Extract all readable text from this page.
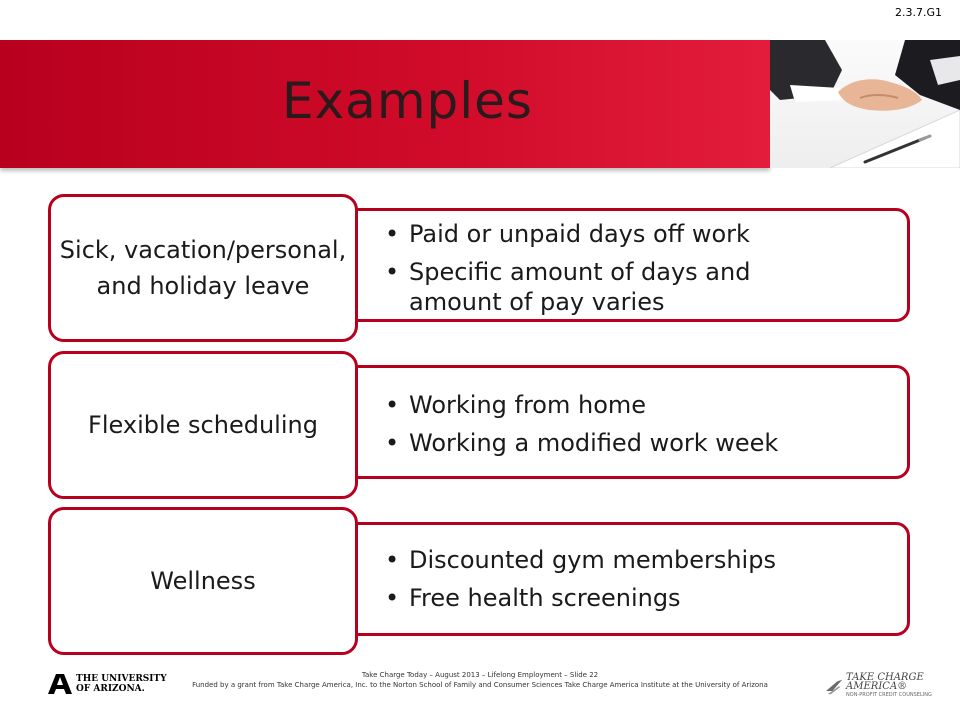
2.3.7.G1
Examples
• Paid or unpaid days off work
• Specific amount of days and amount of pay varies
Sick, vacation/personal, and holiday leave
• Working from home
• Working a modified work week
Flexible scheduling
• Discounted gym memberships
• Free health screenings
Wellness
THE UNIVERSITY
OF ARIZONA.
Take Charge Today – August 2013 – Lifelong Employment – Slide 22
Funded by a grant from Take Charge America, Inc. to the Norton School of Family and Consumer Sciences Take Charge America Institute at the University of Arizona
TAKE CHARGE AMERICA®
NON-PROFIT CREDIT COUNSELING
